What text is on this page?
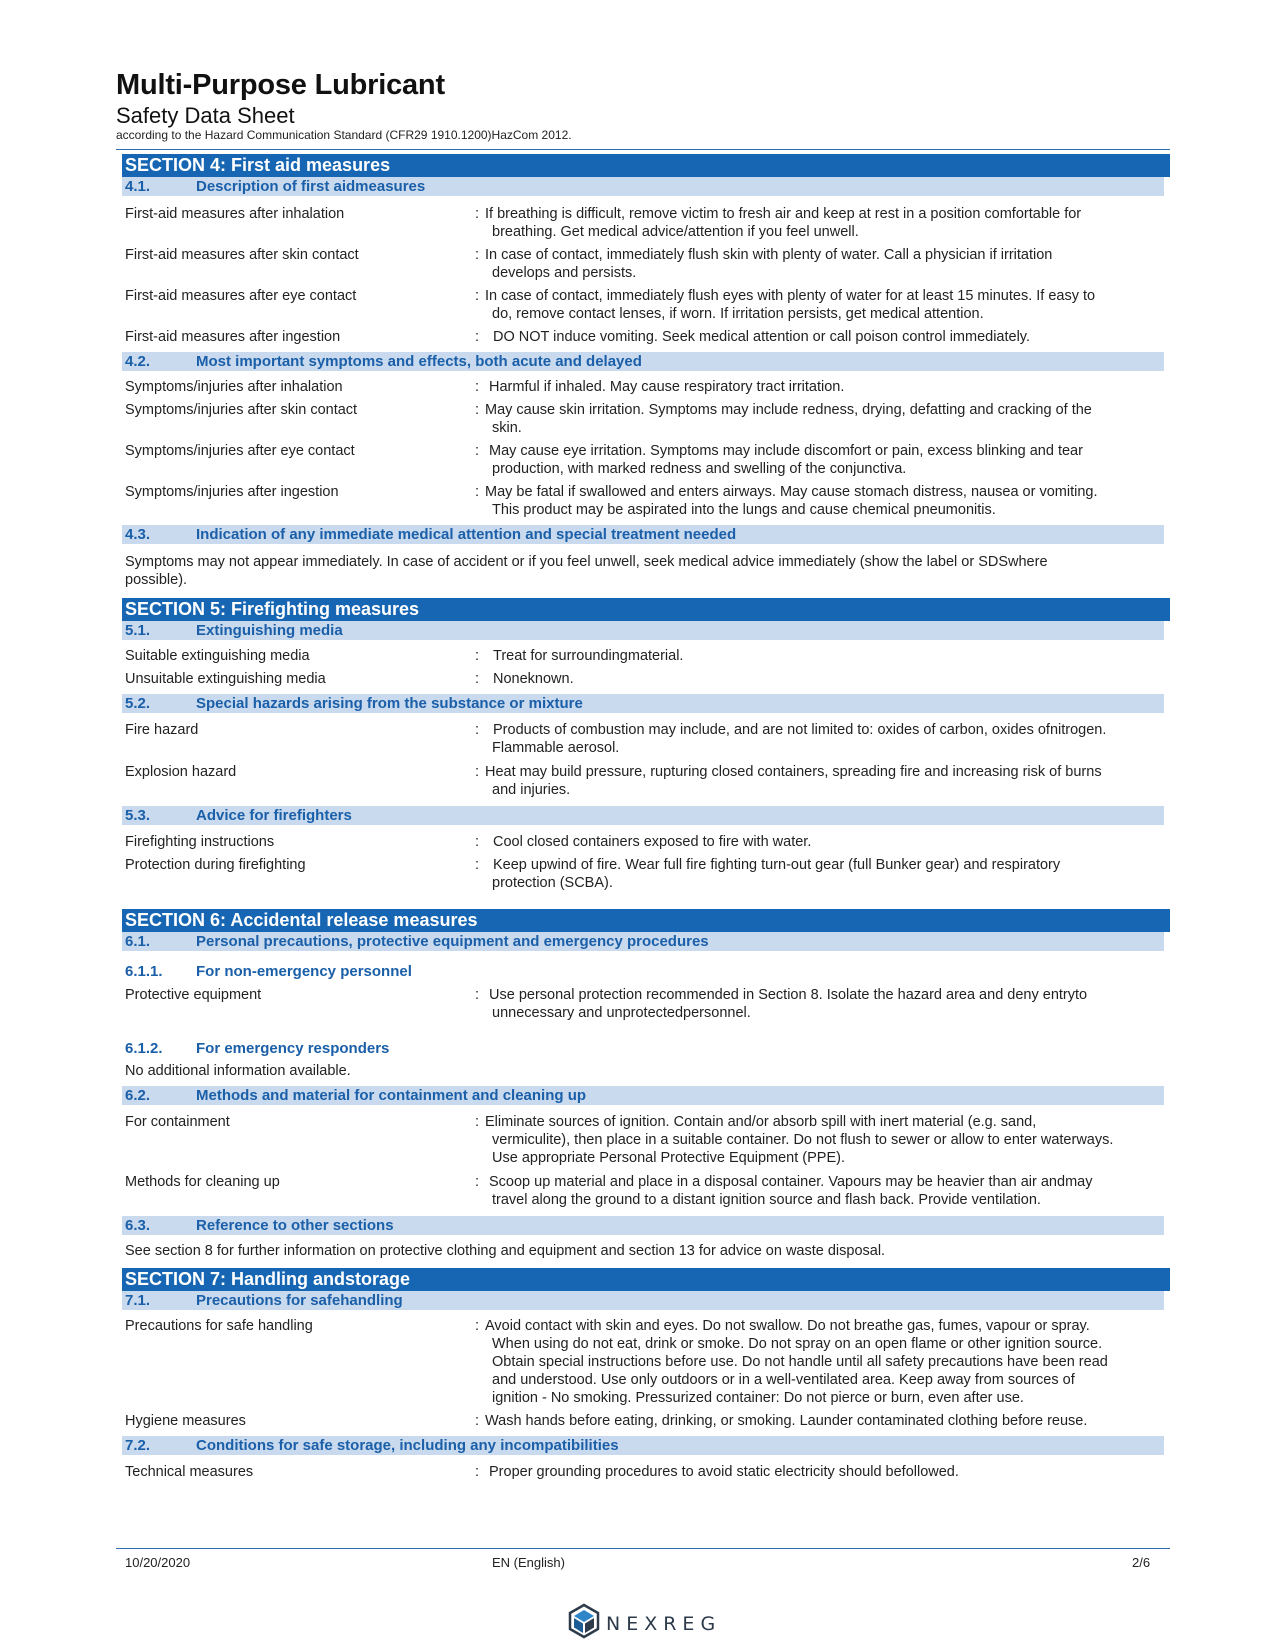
Multi-Purpose Lubricant
Safety Data Sheet
according to the Hazard Communication Standard (CFR29 1910.1200)HazCom 2012.
SECTION 4: First aid measures
4.1.	Description of first aidmeasures
First-aid measures after inhalation	: If breathing is difficult, remove victim to fresh air and keep at rest in a position comfortable for
breathing. Get medical advice/attention if you feel unwell.
First-aid measures after skin contact	: In case of contact, immediately flush skin with plenty of water. Call a physician if irritation
develops and persists.
First-aid measures after eye contact	: In case of contact, immediately flush eyes with plenty of water for at least 15 minutes. If easy to
do, remove contact lenses, if worn. If irritation persists, get medical attention.
First-aid measures after ingestion	: DO NOT induce vomiting. Seek medical attention or call poison control immediately.
4.2.	Most important symptoms and effects, both acute and delayed
Symptoms/injuries after inhalation	: Harmful if inhaled. May cause respiratory tract irritation.
Symptoms/injuries after skin contact	: May cause skin irritation. Symptoms may include redness, drying, defatting and cracking of the
skin.
Symptoms/injuries after eye contact	: May cause eye irritation. Symptoms may include discomfort or pain, excess blinking and tear
production, with marked redness and swelling of the conjunctiva.
Symptoms/injuries after ingestion	: May be fatal if swallowed and enters airways. May cause stomach distress, nausea or vomiting.
This product may be aspirated into the lungs and cause chemical pneumonitis.
4.3.	Indication of any immediate medical attention and special treatment needed
Symptoms may not appear immediately. In case of accident or if you feel unwell, seek medical advice immediately (show the label or SDSwhere
possible).
SECTION 5: Firefighting measures
5.1.	Extinguishing media
Suitable extinguishing media	: Treat for surroundingmaterial.
Unsuitable extinguishing media	: Noneknown.
5.2.	Special hazards arising from the substance or mixture
Fire hazard	: Products of combustion may include, and are not limited to: oxides of carbon, oxides ofnitrogen.
Flammable aerosol.
Explosion hazard	: Heat may build pressure, rupturing closed containers, spreading fire and increasing risk of burns
and injuries.
5.3.	Advice for firefighters
Firefighting instructions	: Cool closed containers exposed to fire with water.
Protection during firefighting	: Keep upwind of fire. Wear full fire fighting turn-out gear (full Bunker gear) and respiratory
protection (SCBA).
SECTION 6: Accidental release measures
6.1.	Personal precautions, protective equipment and emergency procedures
6.1.1.	For non-emergency personnel
Protective equipment	: Use personal protection recommended in Section 8. Isolate the hazard area and deny entryto
unnecessary and unprotectedpersonnel.
6.1.2.	For emergency responders
No additional information available.
6.2.	Methods and material for containment and cleaning up
For containment	: Eliminate sources of ignition. Contain and/or absorb spill with inert material (e.g. sand,
vermiculite), then place in a suitable container. Do not flush to sewer or allow to enter waterways.
Use appropriate Personal Protective Equipment (PPE).
Methods for cleaning up	: Scoop up material and place in a disposal container. Vapours may be heavier than air andmay
travel along the ground to a distant ignition source and flash back. Provide ventilation.
6.3.	Reference to other sections
See section 8 for further information on protective clothing and equipment and section 13 for advice on waste disposal.
SECTION 7: Handling andstorage
7.1.	Precautions for safehandling
Precautions for safe handling	: Avoid contact with skin and eyes. Do not swallow. Do not breathe gas, fumes, vapour or spray.
When using do not eat, drink or smoke. Do not spray on an open flame or other ignition source.
Obtain special instructions before use. Do not handle until all safety precautions have been read
and understood. Use only outdoors or in a well-ventilated area. Keep away from sources of
ignition - No smoking. Pressurized container: Do not pierce or burn, even after use.
Hygiene measures	: Wash hands before eating, drinking, or smoking. Launder contaminated clothing before reuse.
7.2.	Conditions for safe storage, including any incompatibilities
Technical measures	: Proper grounding procedures to avoid static electricity should befollowed.
10/20/2020	EN (English)	2/6
NEXREG
